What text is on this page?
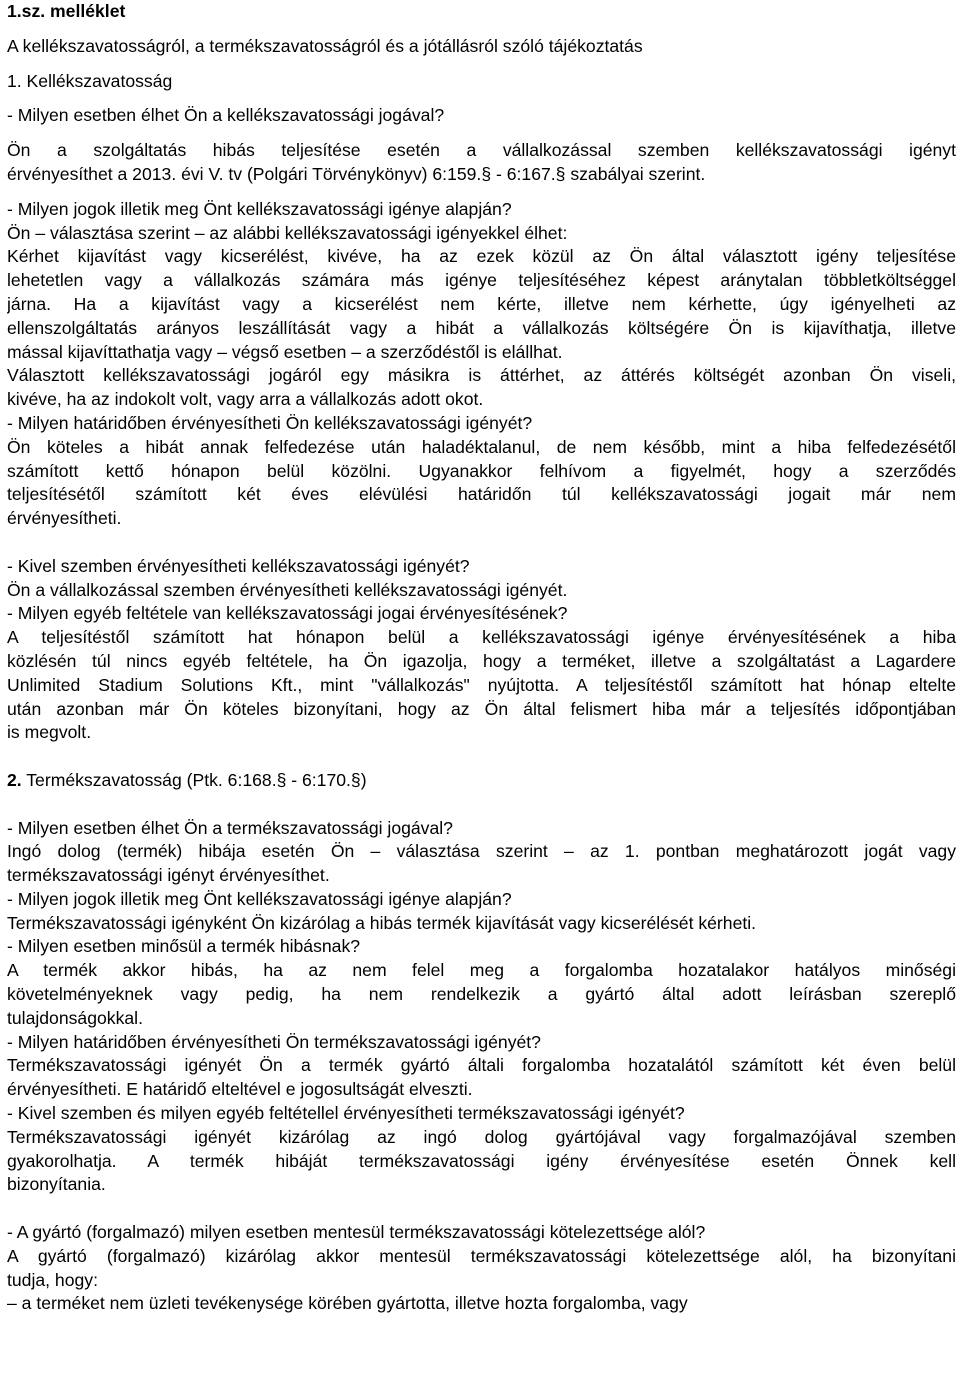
1.sz. melléklet
A kellékszavatosságról, a termékszavatosságról és a jótállásról szóló tájékoztatás
1. Kellékszavatosság
- Milyen esetben élhet Ön a kellékszavatossági jogával?
Ön a szolgáltatás hibás teljesítése esetén a vállalkozással szemben kellékszavatossági igényt
érvényesíthet a 2013. évi V. tv (Polgári Törvénykönyv) 6:159.§ - 6:167.§ szabályai szerint.
- Milyen jogok illetik meg Önt kellékszavatossági igénye alapján?
Ön – választása szerint – az alábbi kellékszavatossági igényekkel élhet:
Kérhet kijavítást vagy kicserélést, kivéve, ha az ezek közül az Ön által választott igény teljesítése
lehetetlen vagy a vállalkozás számára más igénye teljesítéséhez képest aránytalan többletköltséggel
járna. Ha a kijavítást vagy a kicserélést nem kérte, illetve nem kérhette, úgy igényelheti az
ellenszolgáltatás arányos leszállítását vagy a hibát a vállalkozás költségére Ön is kijavíthatja, illetve
mással kijavíttathatja vagy – végső esetben – a szerződéstől is elállhat.
Választott kellékszavatossági jogáról egy másikra is áttérhet, az áttérés költségét azonban Ön viseli,
kivéve, ha az indokolt volt, vagy arra a vállalkozás adott okot.
- Milyen határidőben érvényesítheti Ön kellékszavatossági igényét?
Ön köteles a hibát annak felfedezése után haladéktalanul, de nem később, mint a hiba felfedezésétől
számított kettő hónapon belül közölni. Ugyanakkor felhívom a figyelmét, hogy a szerződés
teljesítésétől számított két éves elévülési határidőn túl kellékszavatossági jogait már nem
érvényesítheti.
- Kivel szemben érvényesítheti kellékszavatossági igényét?
Ön a vállalkozással szemben érvényesítheti kellékszavatossági igényét.
- Milyen egyéb feltétele van kellékszavatossági jogai érvényesítésének?
A teljesítéstől számított hat hónapon belül a kellékszavatossági igénye érvényesítésének a hiba
közlésén túl nincs egyéb feltétele, ha Ön igazolja, hogy a terméket, illetve a szolgáltatást a Lagardere
Unlimited Stadium Solutions Kft., mint "vállalkozás" nyújtotta. A teljesítéstől számított hat hónap eltelte
után azonban már Ön köteles bizonyítani, hogy az Ön által felismert hiba már a teljesítés időpontjában
is megvolt.
2. Termékszavatosság (Ptk. 6:168.§ - 6:170.§)
- Milyen esetben élhet Ön a termékszavatossági jogával?
Ingó dolog (termék) hibája esetén Ön – választása szerint – az 1. pontban meghatározott jogát vagy
termékszavatossági igényt érvényesíthet.
- Milyen jogok illetik meg Önt kellékszavatossági igénye alapján?
Termékszavatossági igényként Ön kizárólag a hibás termék kijavítását vagy kicserélését kérheti.
- Milyen esetben minősül a termék hibásnak?
A termék akkor hibás, ha az nem felel meg a forgalomba hozatalakor hatályos minőségi
követelményeknek vagy pedig, ha nem rendelkezik a gyártó által adott leírásban szereplő
tulajdonságokkal.
- Milyen határidőben érvényesítheti Ön termékszavatossági igényét?
Termékszavatossági igényét Ön a termék gyártó általi forgalomba hozatalától számított két éven belül
érvényesítheti. E határidő elteltével e jogosultságát elveszti.
- Kivel szemben és milyen egyéb feltétellel érvényesítheti termékszavatossági igényét?
Termékszavatossági igényét kizárólag az ingó dolog gyártójával vagy forgalmazójával szemben
gyakorolhatja. A termék hibáját termékszavatossági igény érvényesítése esetén Önnek kell
bizonyítania.
- A gyártó (forgalmazó) milyen esetben mentesül termékszavatossági kötelezettsége alól?
A gyártó (forgalmazó) kizárólag akkor mentesül termékszavatossági kötelezettsége alól, ha bizonyítani
tudja, hogy:
– a terméket nem üzleti tevékenysége körében gyártotta, illetve hozta forgalomba, vagy
